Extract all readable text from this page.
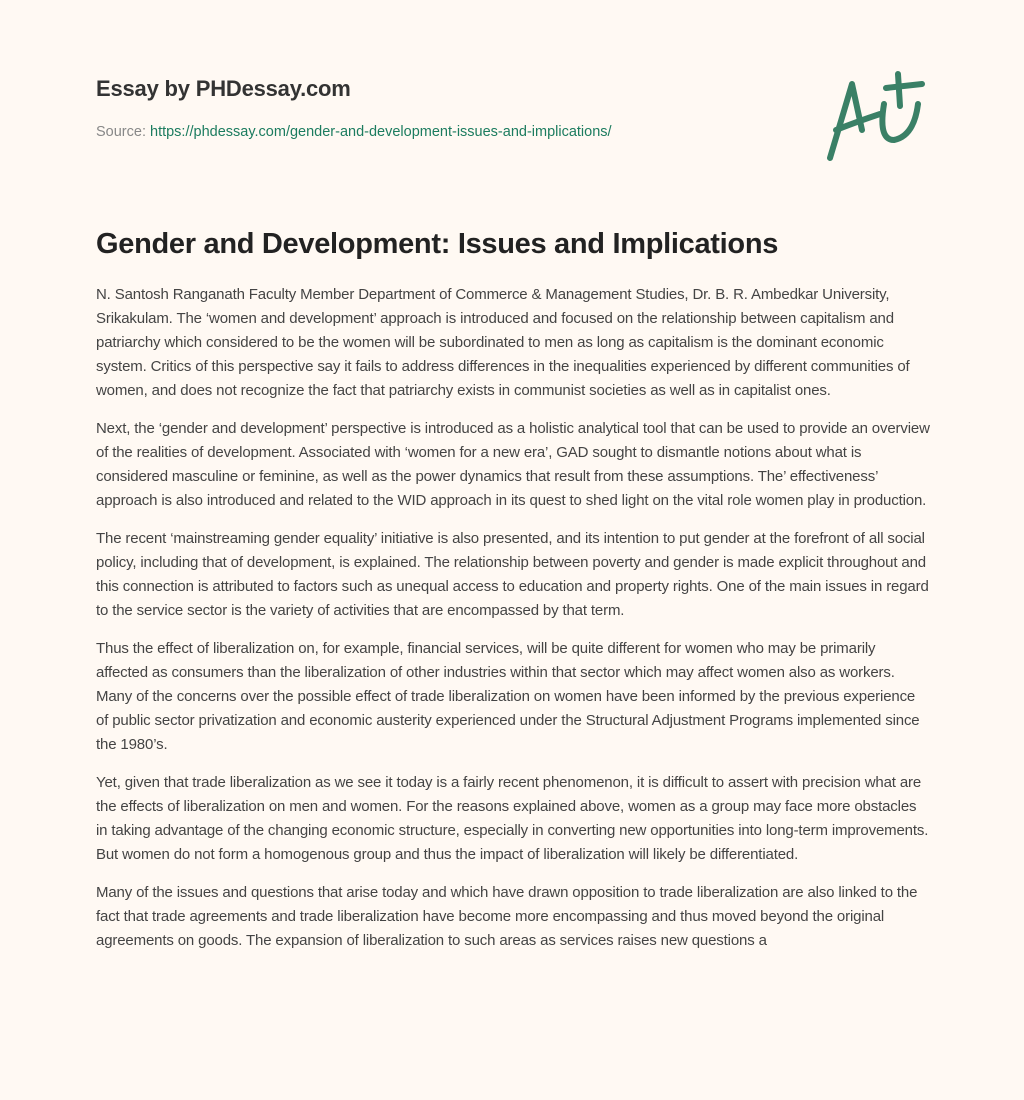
Essay by PHDessay.com
Source: https://phdessay.com/gender-and-development-issues-and-implications/
Gender and Development: Issues and Implications

N. Santosh Ranganath Faculty Member Department of Commerce & Management Studies, Dr. B. R. Ambedkar University, Srikakulam. The ‘women and development’ approach is introduced and focused on the relationship between capitalism and patriarchy which considered to be the women will be subordinated to men as long as capitalism is the dominant economic system. Critics of this perspective say it fails to address differences in the inequalities experienced by different communities of women, and does not recognize the fact that patriarchy exists in communist societies as well as in capitalist ones.

Next, the ‘gender and development’ perspective is introduced as a holistic analytical tool that can be used to provide an overview of the realities of development. Associated with ‘women for a new era’, GAD sought to dismantle notions about what is considered masculine or feminine, as well as the power dynamics that result from these assumptions. The’ effectiveness’ approach is also introduced and related to the WID approach in its quest to shed light on the vital role women play in production.

The recent ‘mainstreaming gender equality’ initiative is also presented, and its intention to put gender at the forefront of all social policy, including that of development, is explained. The relationship between poverty and gender is made explicit throughout and this connection is attributed to factors such as unequal access to education and property rights. One of the main issues in regard to the service sector is the variety of activities that are encompassed by that term.

Thus the effect of liberalization on, for example, financial services, will be quite different for women who may be primarily affected as consumers than the liberalization of other industries within that sector which may affect women also as workers. Many of the concerns over the possible effect of trade liberalization on women have been informed by the previous experience of public sector privatization and economic austerity experienced under the Structural Adjustment Programs implemented since the 1980’s.

Yet, given that trade liberalization as we see it today is a fairly recent phenomenon, it is difficult to assert with precision what are the effects of liberalization on men and women. For the reasons explained above, women as a group may face more obstacles in taking advantage of the changing economic structure, especially in converting new opportunities into long-term improvements. But women do not form a homogenous group and thus the impact of liberalization will likely be differentiated.

Many of the issues and questions that arise today and which have drawn opposition to trade liberalization are also linked to the fact that trade agreements and trade liberalization have become more encompassing and thus moved beyond the original agreements on goods. The expansion of liberalization to such areas as services raises new questions a
